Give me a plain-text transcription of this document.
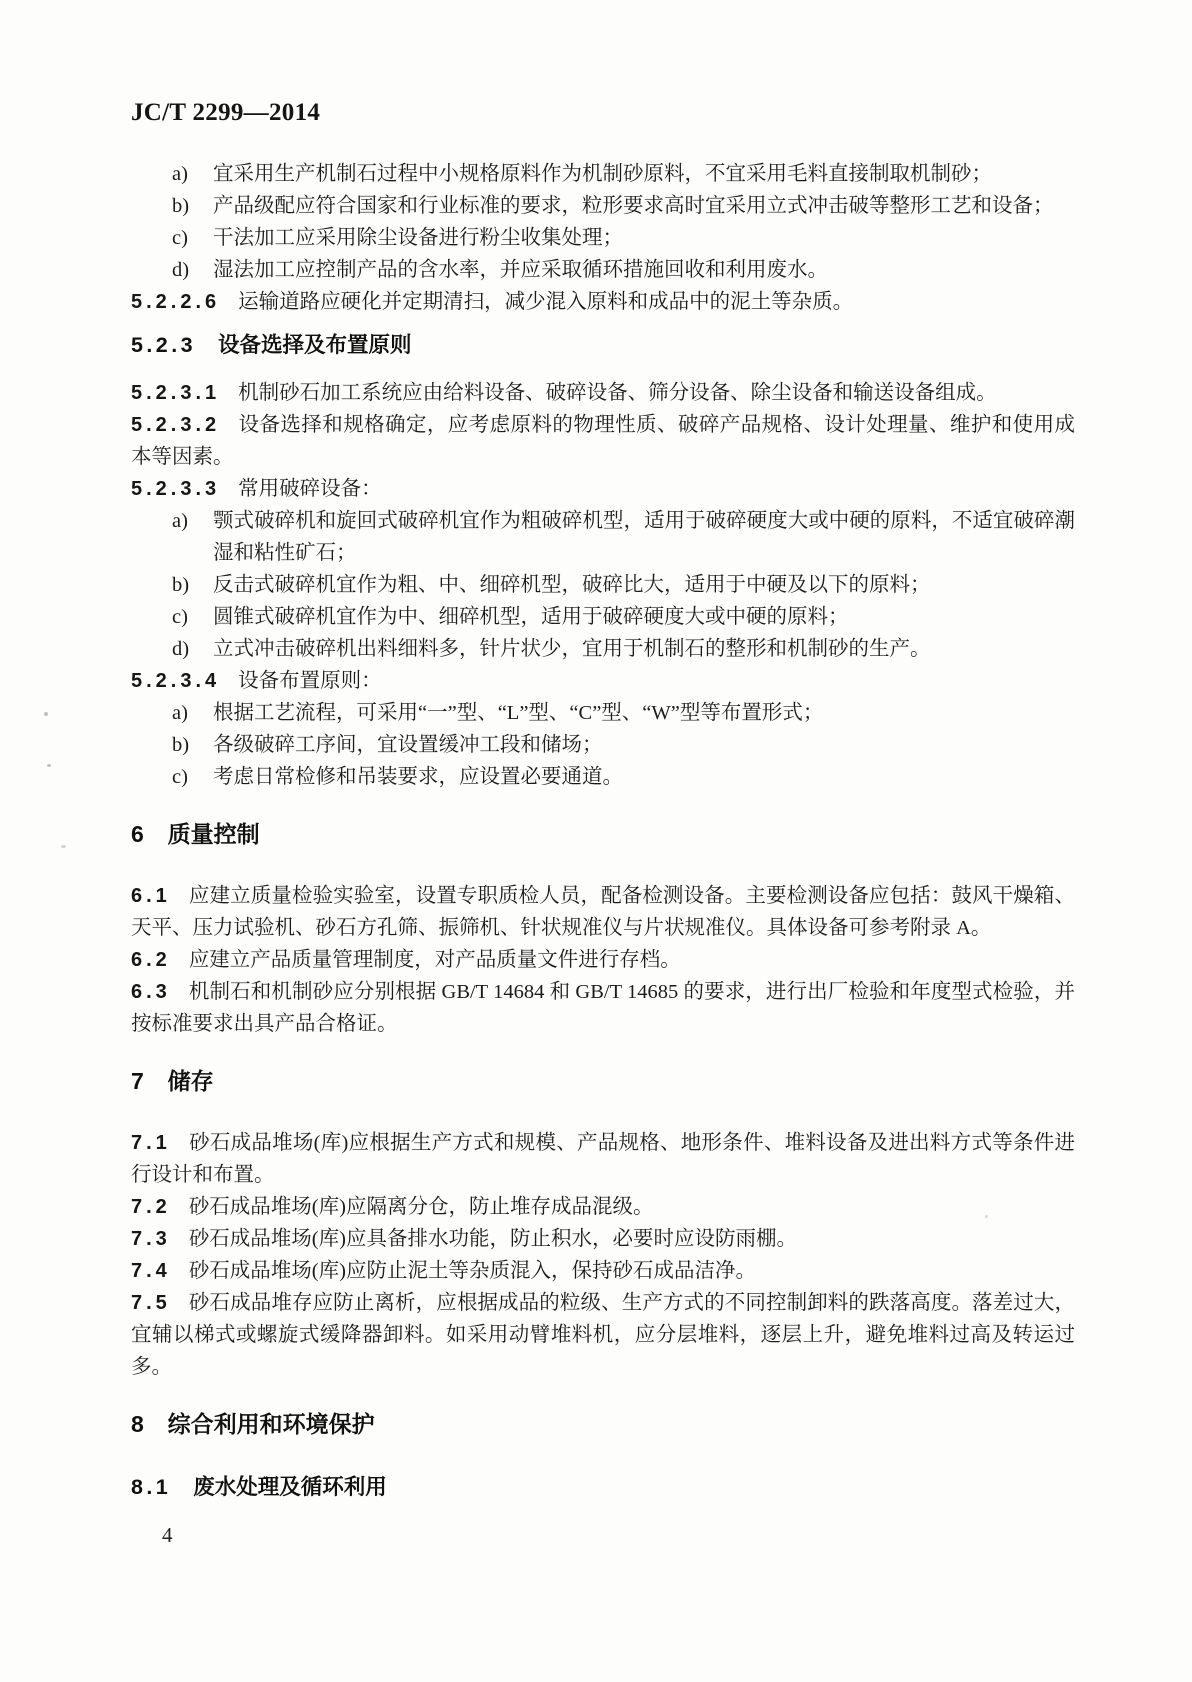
JC/T 2299—2014

a) 宜采用生产机制石过程中小规格原料作为机制砂原料，不宜采用毛料直接制取机制砂；

b) 产品级配应符合国家和行业标准的要求，粒形要求高时宜采用立式冲击破等整形工艺和设备；

c) 干法加工应采用除尘设备进行粉尘收集处理；

d) 湿法加工应控制产品的含水率，并应采取循环措施回收和利用废水。

5.2.2.6 运输道路应硬化并定期清扫，减少混入原料和成品中的泥土等杂质。

5.2.3 设备选择及布置原则

5.2.3.1 机制砂石加工系统应由给料设备、破碎设备、筛分设备、除尘设备和输送设备组成。

5.2.3.2 设备选择和规格确定，应考虑原料的物理性质、破碎产品规格、设计处理量、维护和使用成本等因素。

5.2.3.3 常用破碎设备：

a) 颚式破碎机和旋回式破碎机宜作为粗破碎机型，适用于破碎硬度大或中硬的原料，不适宜破碎潮湿和粘性矿石；

b) 反击式破碎机宜作为粗、中、细碎机型，破碎比大，适用于中硬及以下的原料；

c) 圆锥式破碎机宜作为中、细碎机型，适用于破碎硬度大或中硬的原料；

d) 立式冲击破碎机出料细料多，针片状少，宜用于机制石的整形和机制砂的生产。

5.2.3.4 设备布置原则：

a) 根据工艺流程，可采用“一”型、“L”型、“C”型、“W”型等布置形式；

b) 各级破碎工序间，宜设置缓冲工段和储场；

c) 考虑日常检修和吊装要求，应设置必要通道。

6 质量控制

6.1 应建立质量检验实验室，设置专职质检人员，配备检测设备。主要检测设备应包括：鼓风干燥箱、天平、压力试验机、砂石方孔筛、振筛机、针状规准仪与片状规准仪。具体设备可参考附录 A。

6.2 应建立产品质量管理制度，对产品质量文件进行存档。

6.3 机制石和机制砂应分别根据 GB/T 14684 和 GB/T 14685 的要求，进行出厂检验和年度型式检验，并按标准要求出具产品合格证。

7 储存

7.1 砂石成品堆场(库)应根据生产方式和规模、产品规格、地形条件、堆料设备及进出料方式等条件进行设计和布置。

7.2 砂石成品堆场(库)应隔离分仓，防止堆存成品混级。

7.3 砂石成品堆场(库)应具备排水功能，防止积水，必要时应设防雨棚。

7.4 砂石成品堆场(库)应防止泥土等杂质混入，保持砂石成品洁净。

7.5 砂石成品堆存应防止离析，应根据成品的粒级、生产方式的不同控制卸料的跌落高度。落差过大，宜辅以梯式或螺旋式缓降器卸料。如采用动臂堆料机，应分层堆料，逐层上升，避免堆料过高及转运过多。

8 综合利用和环境保护
8.1 废水处理及循环利用
4
